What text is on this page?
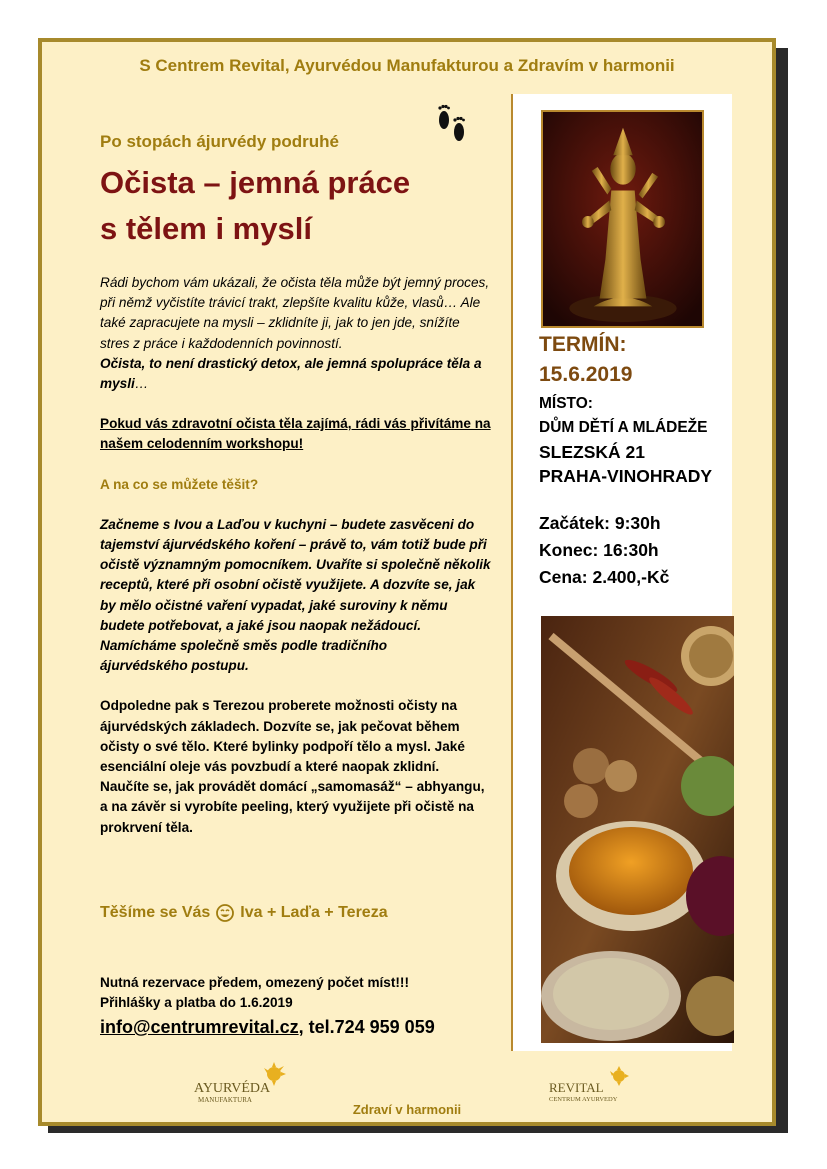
S Centrem Revital, Ayurvédou Manufakturou a Zdravím v harmonii
Po stopách ájurvédy podruhé
Očista – jemná práce
s tělem i myslí

Rádi bychom vám ukázali, že očista těla může být jemný proces, při němž vyčistíte trávicí trakt, zlepšíte kvalitu kůže, vlasů… Ale také zapracujete na mysli – zklidníte ji, jak to jen jde, snížíte stres z práce i každodenních povinností.

Očista, to není drastický detox, ale jemná spolupráce těla a mysli…

Pokud vás zdravotní očista těla zajímá, rádi vás přivítáme na našem celodenním workshopu!

A na co se můžete těšit?

Začneme s Ivou a Laďou v kuchyni – budete zasvěceni do tajemství ájurvédského koření – právě to, vám totiž bude při očistě významným pomocníkem. Uvaříte si společně několik receptů, které při osobní očistě využijete. A dozvíte se, jak by mělo očistné vaření vypadat, jaké suroviny k němu budete potřebovat, a jaké jsou naopak nežádoucí. Namícháme společně směs podle tradičního

ájurvédského postupu.

Odpoledne pak s Terezou proberete možnosti očisty na ájurvédských základech. Dozvíte se, jak pečovat během očisty o své tělo. Které bylinky podpoří tělo a mysl. Jaké esenciální oleje vás povzbudí a které naopak zklidní. Naučíte se, jak provádět domácí „samomasáž“ – abhyangu, a na závěr si vyrobíte peeling, který využijete při očistě na prokrvení těla.

Těšíme se Vás Iva + Laďa + Tereza
Nutná rezervace předem, omezený počet míst!!!
Přihlášky a platba do 1.6.2019
info@centrumrevital.cz, tel.724 959 059
TERMÍN:
15.6.2019
MÍSTO:
DŮM DĚTÍ A MLÁDEŽE
SLEZSKÁ 21
PRAHA-VINOHRADY
Začátek: 9:30h
Konec: 16:30h
Cena: 2.400,-Kč
AYURVÉDA
MANUFAKTURA
REVITAL
CENTRUM AYURVEDY
Zdraví v harmonii
